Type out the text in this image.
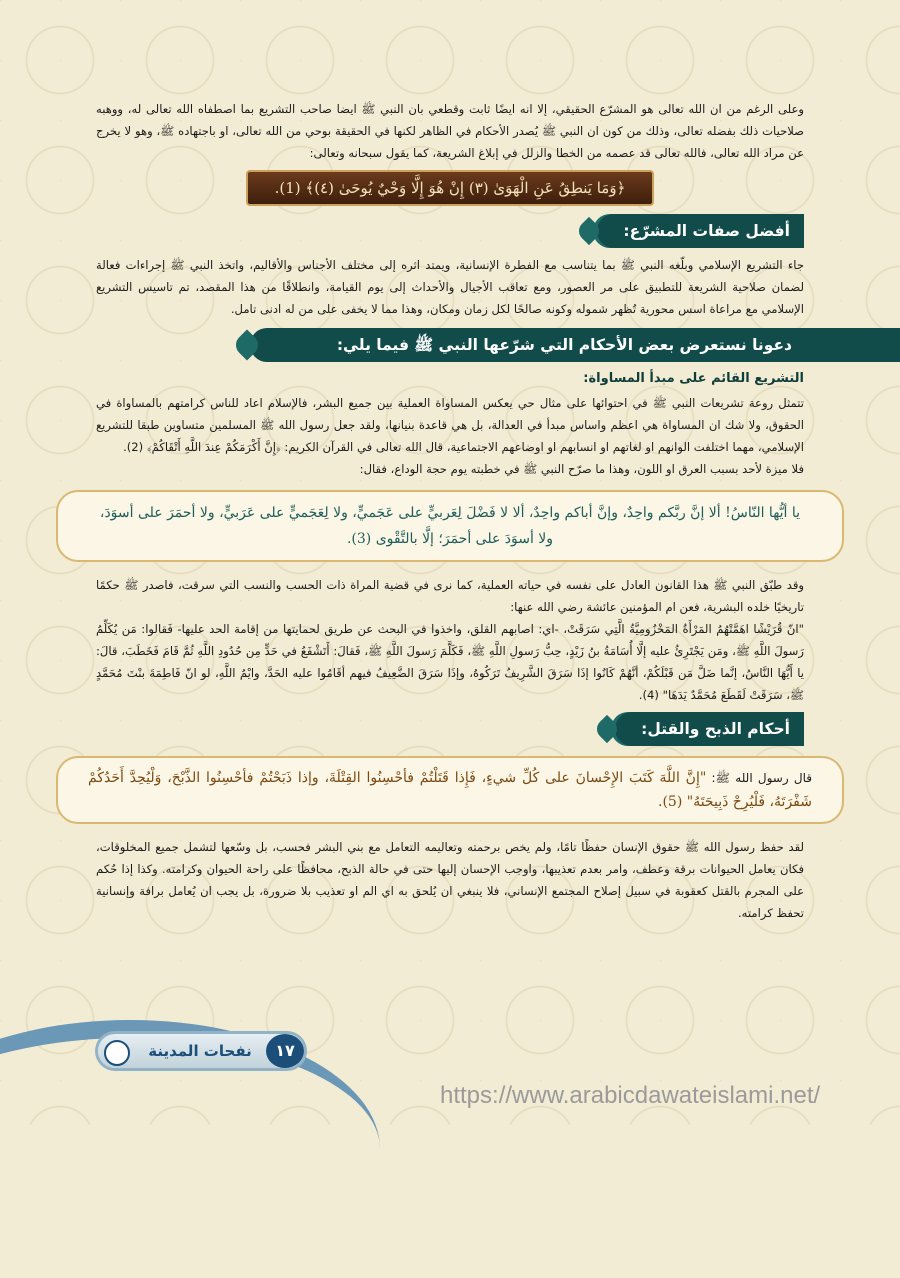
وعلى الرغم من ان الله تعالى هو المشرّع الحقيقي، إلا انه ايضًا ثابت وقطعي بان النبي ﷺ ايضا صاحب التشريع بما اصطفاه الله تعالى له، ووهبه صلاحيات ذلك بفضله تعالى، وذلك من كون ان النبي ﷺ يُصدر الأحكام في الظاهر لكنها في الحقيقة بوحي من الله تعالى، او باجتهاده ﷺ، وهو لا يخرج عن مراد الله تعالى، فالله تعالى قد عصمه من الخطا والزلل في إبلاغ الشريعة، كما يقول سبحانه وتعالى:

﴿وَمَا يَنطِقُ عَنِ الْهَوَىٰ (٣) إِنْ هُوَ إِلَّا وَحْيٌ يُوحَىٰ (٤)﴾ (1).
أفضل صفات المشرّع:

جاء التشريع الإسلامي وبلّغه النبي ﷺ بما يتناسب مع الفطرة الإنسانية، ويمتد اثره إلى مختلف الأجناس والأقاليم، واتخذ النبي ﷺ إجراءات فعالة لضمان صلاحية الشريعة للتطبيق على مر العصور، ومع تعاقب الأجيال والأحداث إلى يوم القيامة، وانطلاقًا من هذا المقصد، تم تاسيس التشريع الإسلامي مع مراعاة اسس محورية تُظهر شموله وكونه صالحًا لكل زمان ومكان، وهذا مما لا يخفى على من له ادنى تامل.

دعونا نستعرض بعض الأحكام التي شرّعها النبي ﷺ فيما يلي:
التشريع القائم على مبدأ المساواة:

تتمثل روعة تشريعات النبي ﷺ في احتوائها على مثال حي يعكس المساواة العملية بين جميع البشر، فالإسلام اعاد للناس كرامتهم بالمساواة في الحقوق، ولا شك ان المساواة هي اعظم واساس مبدأ في العدالة، بل هي قاعدة بنيانها، ولقد جعل رسول الله ﷺ المسلمين متساوين طبقا للتشريع الإسلامي، مهما اختلفت الوانهم او لغاتهم او انسابهم او اوضاعهم الاجتماعية، قال الله تعالى في القرآن الكريم: ﴿إِنَّ أَكْرَمَكُمْ عِندَ اللَّهِ أَتْقَاكُمْ﴾ (2).

فلا ميزة لأحد بسبب العرق او اللون، وهذا ما صرّح النبي ﷺ في خطبته يوم حجة الوداع، فقال:

يا أيُّها النّاسُ! ألا إنَّ ربَّكم واحِدٌ، وإنَّ أباكم واحِدٌ، ألا لا فَضْلَ لِعَربيٍّ على عَجَميٍّ، ولا لِعَجَميٍّ على عَرَبيٍّ، ولا أحمَرَ على أسوَدَ، ولا أسوَدَ على أحمَرَ؛ إلَّا بالتَّقْوى (3).

وقد طبّق النبي ﷺ هذا القانون العادل على نفسه في حياته العملية، كما نرى في قضية المراة ذات الحسب والنسب التي سرقت، فاصدر ﷺ حكمًا تاريخيًا خلده البشرية، فعن ام المؤمنين عائشة رضي الله عنها:

"انّ قُرَيْشًا اهَمَّتْهُمُ المَرْأَةُ المَخْزُومِيَّةُ الَّتِي سَرَقَتْ، -اي: اصابهم القلق، واخذوا في البحث عن طريق لحمايتها من إقامة الحد عليها- فَقالوا: مَن يُكَلِّمُ رَسولَ اللَّهِ ﷺ، ومَن يَجْتَرِئُ عليه إلَّا أُسَامَةُ بنُ زَيْدٍ، حِبُّ رَسولِ اللَّهِ ﷺ، فَكَلَّمَ رَسولَ اللَّهِ ﷺ، فَقالَ: أَتَشْفَعُ في حَدٍّ مِن حُدُودِ اللَّهِ ثُمَّ قَامَ فَخَطَبَ، قالَ: يا أَيُّهَا النَّاسُ، إنَّما ضَلَّ مَن قَبْلَكُمْ، أنَّهُمْ كَانُوا إذَا سَرَقَ الشَّرِيفُ تَرَكُوهُ، وإذَا سَرَقَ الضَّعِيفُ فيهم أقَامُوا عليه الحَدَّ، وايْمُ اللَّهِ، لو انّ فَاطِمَةَ بنْتَ مُحَمَّدٍ ﷺ، سَرَقَتْ لَقَطَعَ مُحَمَّدٌ يَدَهَا" (4).

أحكام الذبح والقتل:
قال رسول الله ﷺ: "إِنَّ اللَّهَ كَتَبَ الإِحْسانَ على كُلِّ شيءٍ، فَإِذا قَتَلْتُمْ فأحْسِنُوا القِتْلَةَ، وإذا ذَبَحْتُمْ فأحْسِنُوا الذَّبْحَ، وَلْيُحِدَّ أَحَدُكُمْ شَفْرَتَهُ، فَلْيُرِحْ ذَبِيحَتَهُ" (5).

لقد حفظ رسول الله ﷺ حقوق الإنسان حفظًا تامًا، ولم يخص برحمته وتعاليمه التعامل مع بني البشر فحسب، بل وسّعها لتشمل جميع المخلوقات، فكان يعامل الحيوانات برقة وعطف، وامر بعدم تعذيبها، واوجب الإحسان إليها حتى في حالة الذبح، محافظًا على راحة الحيوان وكرامته. وكذا إذا حُكم على المجرم بالقتل كعقوبة في سبيل إصلاح المجتمع الإنساني، فلا ينبغي ان يُلحق به اي الم او تعذيب بلا ضرورة، بل يجب ان يُعامل برافة وإنسانية تحفظ كرامته.

نفحات المدينة	١٧
https://www.arabicdawateislami.net/
